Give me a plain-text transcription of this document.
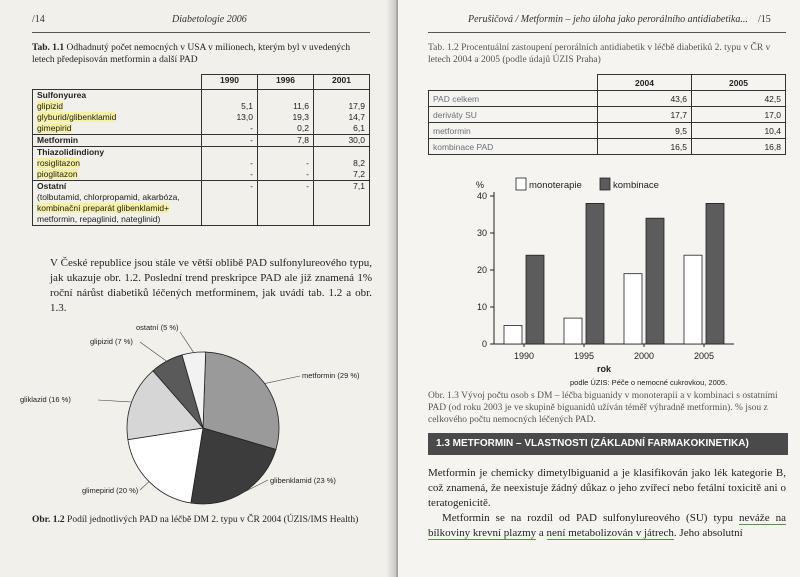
/14	Diabetologie 2006
Tab. 1.1 Odhadnutý počet nemocných v USA v milionech, kterým byl v uvedených letech předepisován metformin a další PAD
	1990	1996	2001
Sulfonyurea			
glipizid	5,1	11,6	17,9
glyburid/glibenklamid	13,0	19,3	14,7
gimepirid	-	0,2	6,1
Metformin	-	7,8	30,0
Thiazolidindiony			
rosiglitazon	-	-	8,2
pioglitazon	-	-	7,2
Ostatní	-	-	7,1
(tolbutamid, chlorpropamid, akarbóza,			
kombinační preparát glibenklamid+			
metformin, repaglinid, nateglinid)			
V České republice jsou stále ve větší oblibě PAD sulfonylureového typu, jak ukazuje obr. 1.2. Poslední trend preskripce PAD ale již znamená 1% roční nárůst diabetiků léčených metforminem, jak uvádí tab. 1.2 a obr. 1.3.
metformin (29 %)
glibenklamid (23 %)
glimepirid (20 %)
gliklazid (16 %)
glipizid (7 %)
ostatní (5 %)
Obr. 1.2 Podíl jednotlivých PAD na léčbě DM 2. typu v ČR 2004 (ÚZIS/IMS Health)
Perušičová / Metformin – jeho úloha jako perorálního antidiabetika... /15
Tab. 1.2 Procentuální zastoupení perorálních antidiabetik v léčbě diabetiků 2. typu v ČR v letech 2004 a 2005 (podle údajů ÚZIS Praha)
	2004	2005
PAD celkem	43,6	42,5
deriváty SU	17,7	17,0
metformin	9,5	10,4
kombinace PAD	16,5	16,8
0
10
20
30
40
%
1990	1995	2000	2005
rok
monoterapie	kombinace
podle ÚZIS: Péče o nemocné cukrovkou, 2005.
Obr. 1.3 Vývoj počtu osob s DM – léčba biguanidy v monoterapii a v kombinaci s ostatními PAD (od roku 2003 je ve skupině biguanidů užíván téměř výhradně metformin). % jsou z celkového počtu nemocných léčených PAD.
1.3 METFORMIN – VLASTNOSTI (ZÁKLADNÍ FARMAKOKINETIKA)
Metformin je chemicky dimetylbiguanid a je klasifikován jako lék kategorie B, což znamená, že neexistuje žádný důkaz o jeho zvířecí nebo fetální toxicitě ani o teratogenicitě.
Metformin se na rozdíl od PAD sulfonylureového (SU) typu neváže na bílkoviny krevní plazmy a není metabolizován v játrech. Jeho absolutní
